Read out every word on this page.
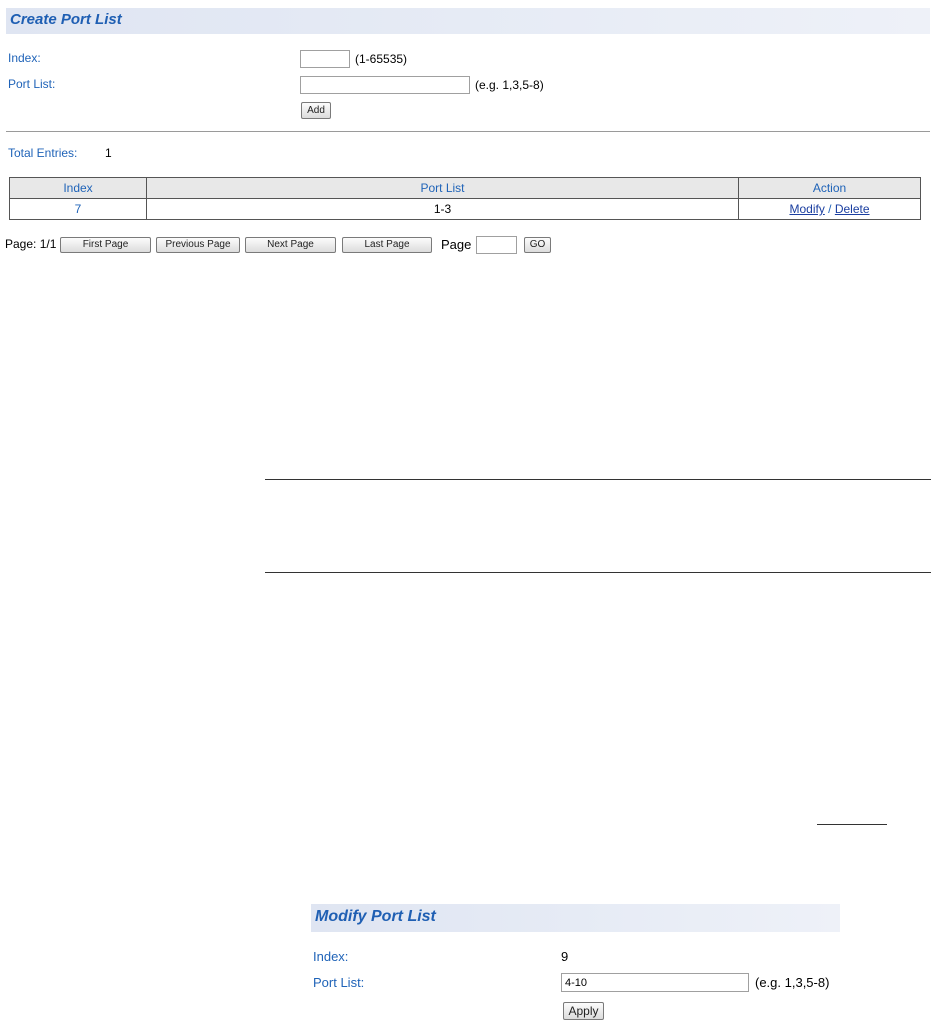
Create Port List
Index:	(1-65535)
Port List:	(e.g. 1,3,5-8)
Add
Total Entries: 1
Index	Port List	Action
7	1-3	Modify / Delete
Page: 1/1	First Page	Previous Page	Next Page	Last Page	Page	GO
Modify Port List
Index:	9
Port List:
4-10	(e.g. 1,3,5-8)
Apply
